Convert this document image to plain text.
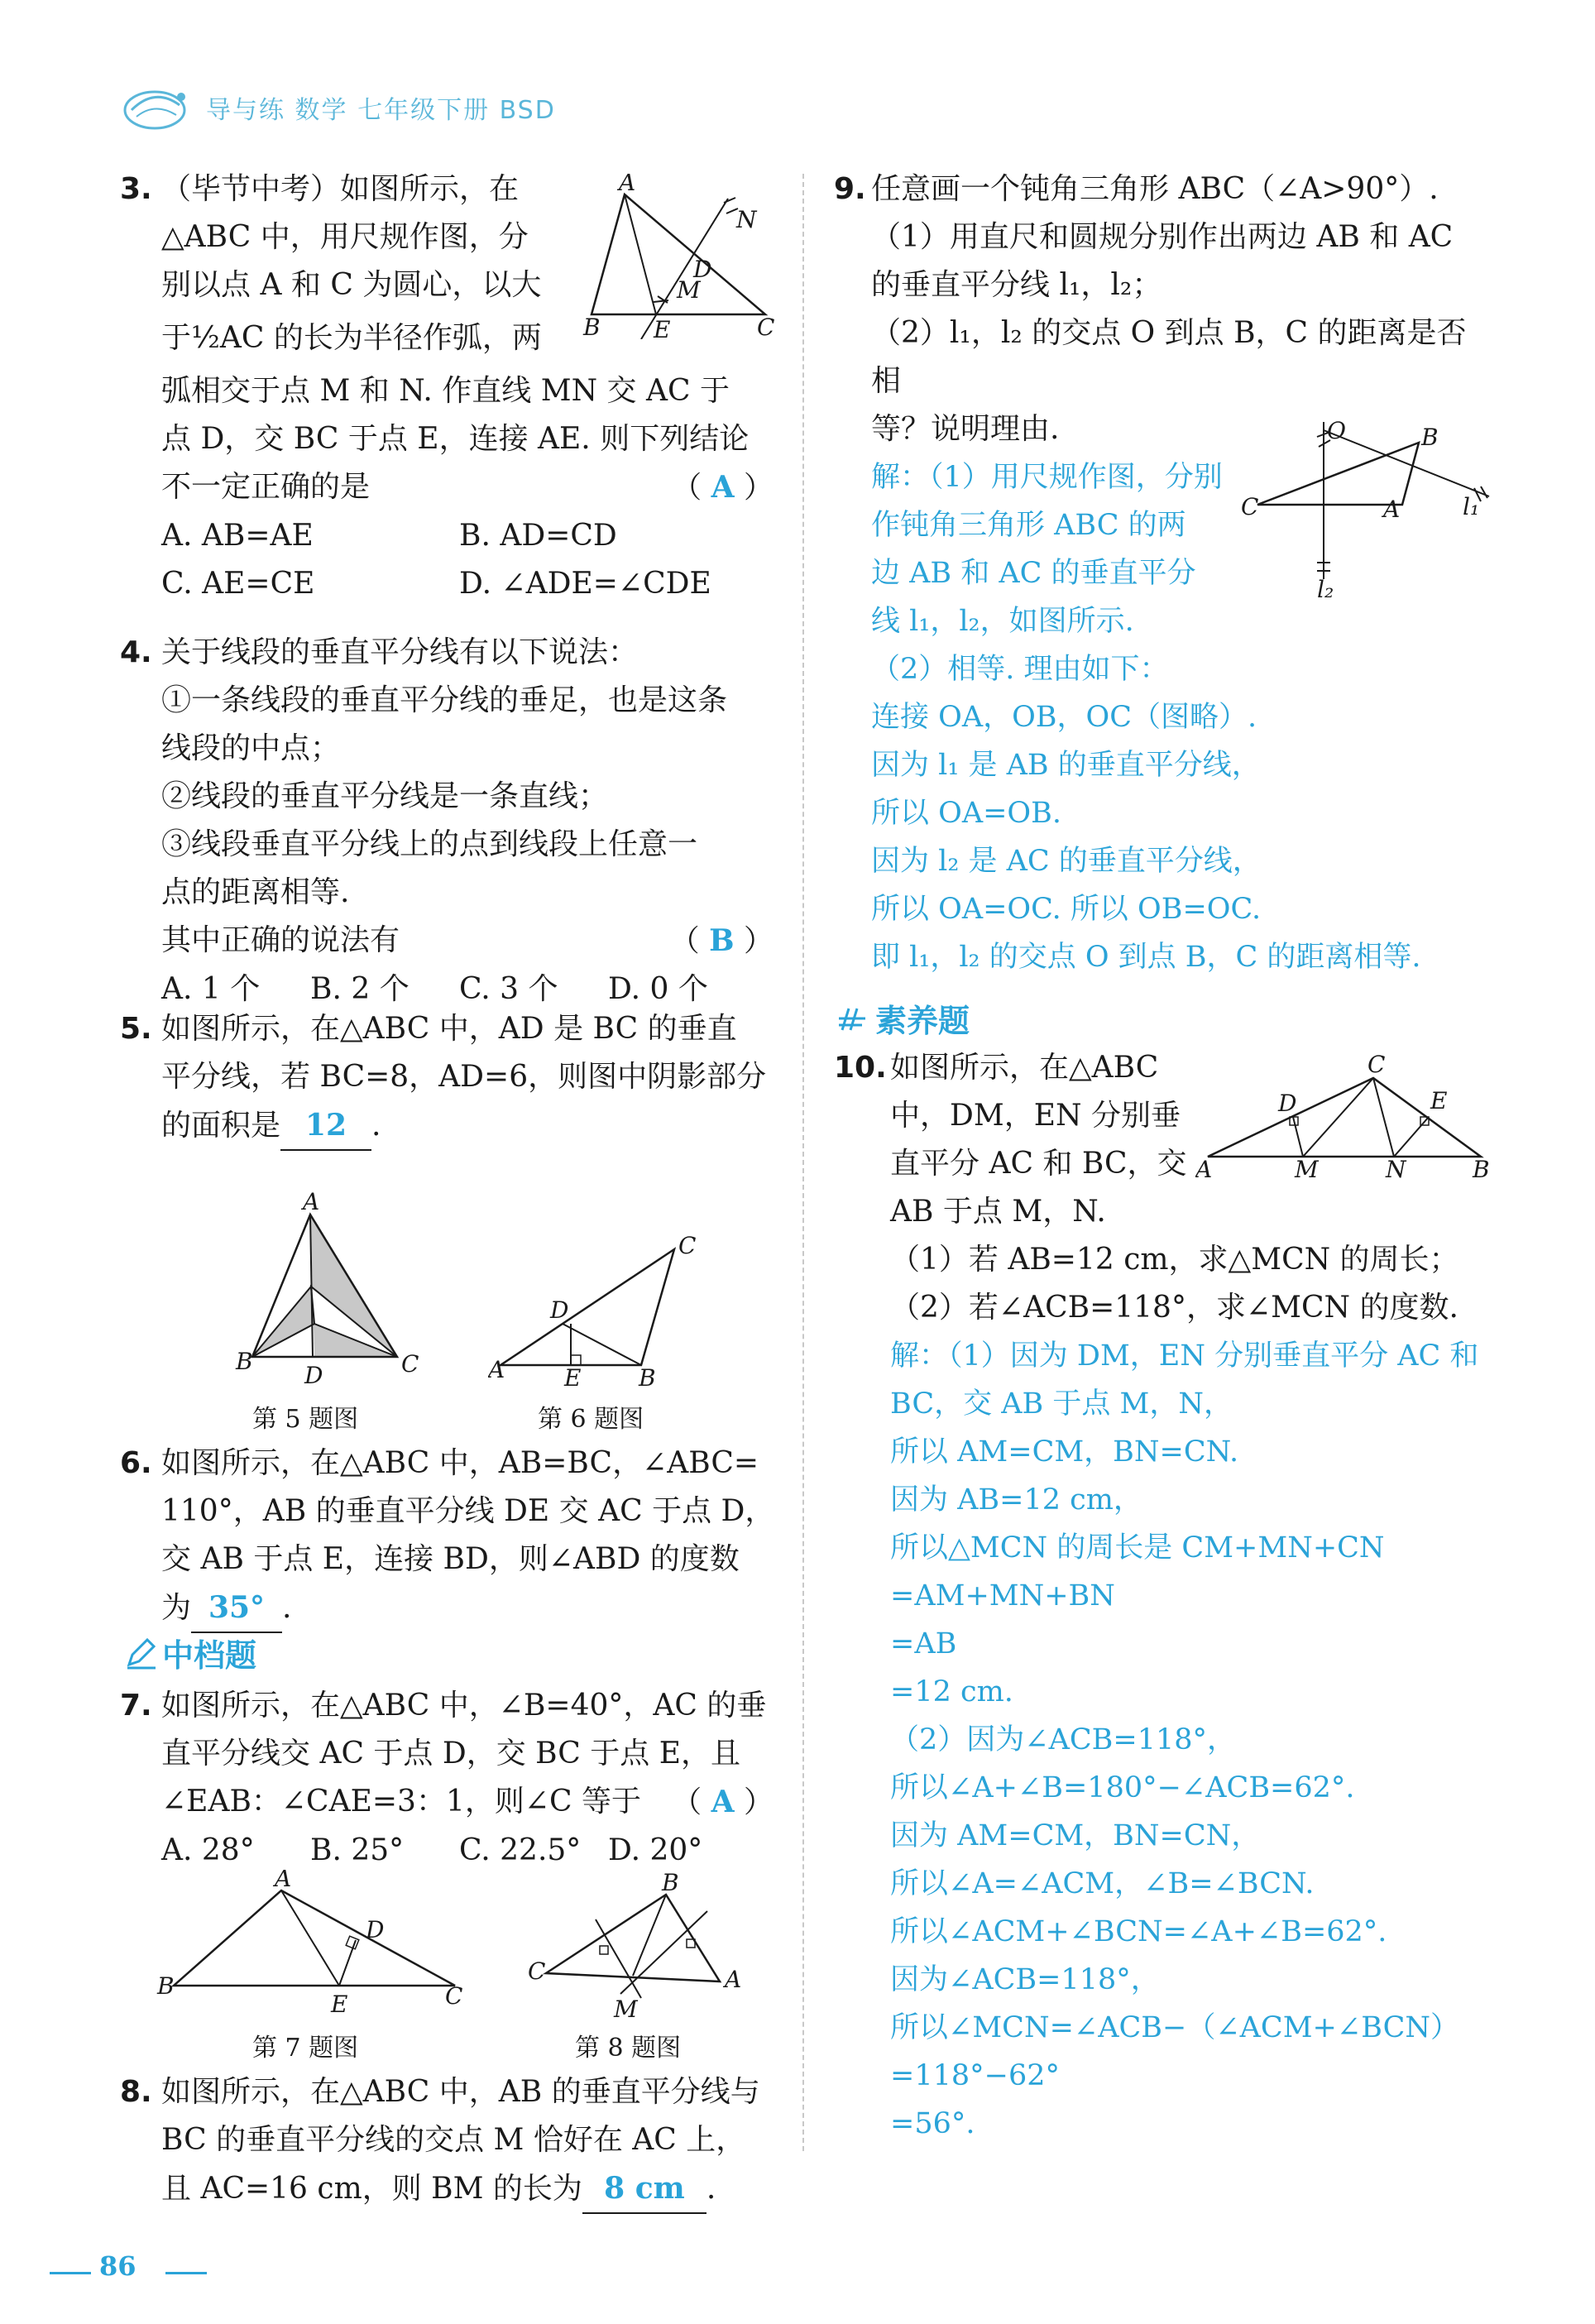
导与练 数学 七年级下册 BSD
3. （毕节中考）如图所示，在
△ABC 中，用尺规作图，分
别以点 A 和 C 为圆心，以大
于½AC 的长为半径作弧，两
弧相交于点 M 和 N. 作直线 MN 交 AC 于
点 D，交 BC 于点 E，连接 AE. 则下列结论
不一定正确的是	（ A ）
A. AB=AE	B. AD=CD
C. AE=CE	D. ∠ADE=∠CDE
A
N
D
M
B E	C
4. 关于线段的垂直平分线有以下说法：
①一条线段的垂直平分线的垂足，也是这条
线段的中点；
②线段的垂直平分线是一条直线；
③线段垂直平分线上的点到线段上任意一
点的距离相等.
其中正确的说法有	（ B ）
A. 1 个	B. 2 个	C. 3 个	D. 0 个
5. 如图所示，在△ABC 中，AD 是 BC 的垂直
平分线，若 BC=8，AD=6，则图中阴影部分
的面积是 12 .
A
B
D	C
第 5 题图
C
D
A	E B
第 6 题图
6. 如图所示，在△ABC 中，AB=BC，∠ABC=
110°，AB 的垂直平分线 DE 交 AC 于点 D，
交 AB 于点 E，连接 BD，则∠ABD 的度数
为 35° .
中档题
7. 如图所示，在△ABC 中，∠B=40°，AC 的垂
直平分线交 AC 于点 D，交 BC 于点 E，且
∠EAB：∠CAE=3：1，则∠C 等于 （ A ）
A. 28°	B. 25°	C. 22.5° D. 20°
A
D
B
E	C
第 7 题图
B
C	A
M
第 8 题图
8. 如图所示，在△ABC 中，AB 的垂直平分线与
BC 的垂直平分线的交点 M 恰好在 AC 上，
且 AC=16 cm，则 BM 的长为 8 cm .
9. 任意画一个钝角三角形 ABC（∠A>90°）.
（1）用直尺和圆规分别作出两边 AB 和 AC
的垂直平分线 l₁，l₂；
（2）l₁，l₂ 的交点 O 到点 B，C 的距离是否相
等？说明理由.
解：（1）用尺规作图，分别
作钝角三角形 ABC 的两
边 AB 和 AC 的垂直平分
线 l₁，l₂，如图所示.
（2）相等. 理由如下：
连接 OA，OB，OC（图略）.
因为 l₁ 是 AB 的垂直平分线，
所以 OA=OB.
因为 l₂ 是 AC 的垂直平分线，
所以 OA=OC. 所以 OB=OC.
即 l₁，l₂ 的交点 O 到点 B，C 的距离相等.
O	B
C	A	l₁
l₂
素养题
10. 如图所示，在△ABC
中，DM，EN 分别垂
直平分 AC 和 BC，交
AB 于点 M，N.
（1）若 AB=12 cm，求△MCN 的周长；
（2）若∠ACB=118°，求∠MCN 的度数.
解：（1）因为 DM，EN 分别垂直平分 AC 和
BC，交 AB 于点 M，N，
所以 AM=CM，BN=CN.
因为 AB=12 cm，
所以△MCN 的周长是 CM+MN+CN
=AM+MN+BN
=AB
=12 cm.
（2）因为∠ACB=118°，
所以∠A+∠B=180°−∠ACB=62°.
因为 AM=CM，BN=CN，
所以∠A=∠ACM，∠B=∠BCN.
所以∠ACM+∠BCN=∠A+∠B=62°.
因为∠ACB=118°，
所以∠MCN=∠ACB−（∠ACM+∠BCN）
=118°−62°
=56°.
C
D	E
A	M	N	B
86
